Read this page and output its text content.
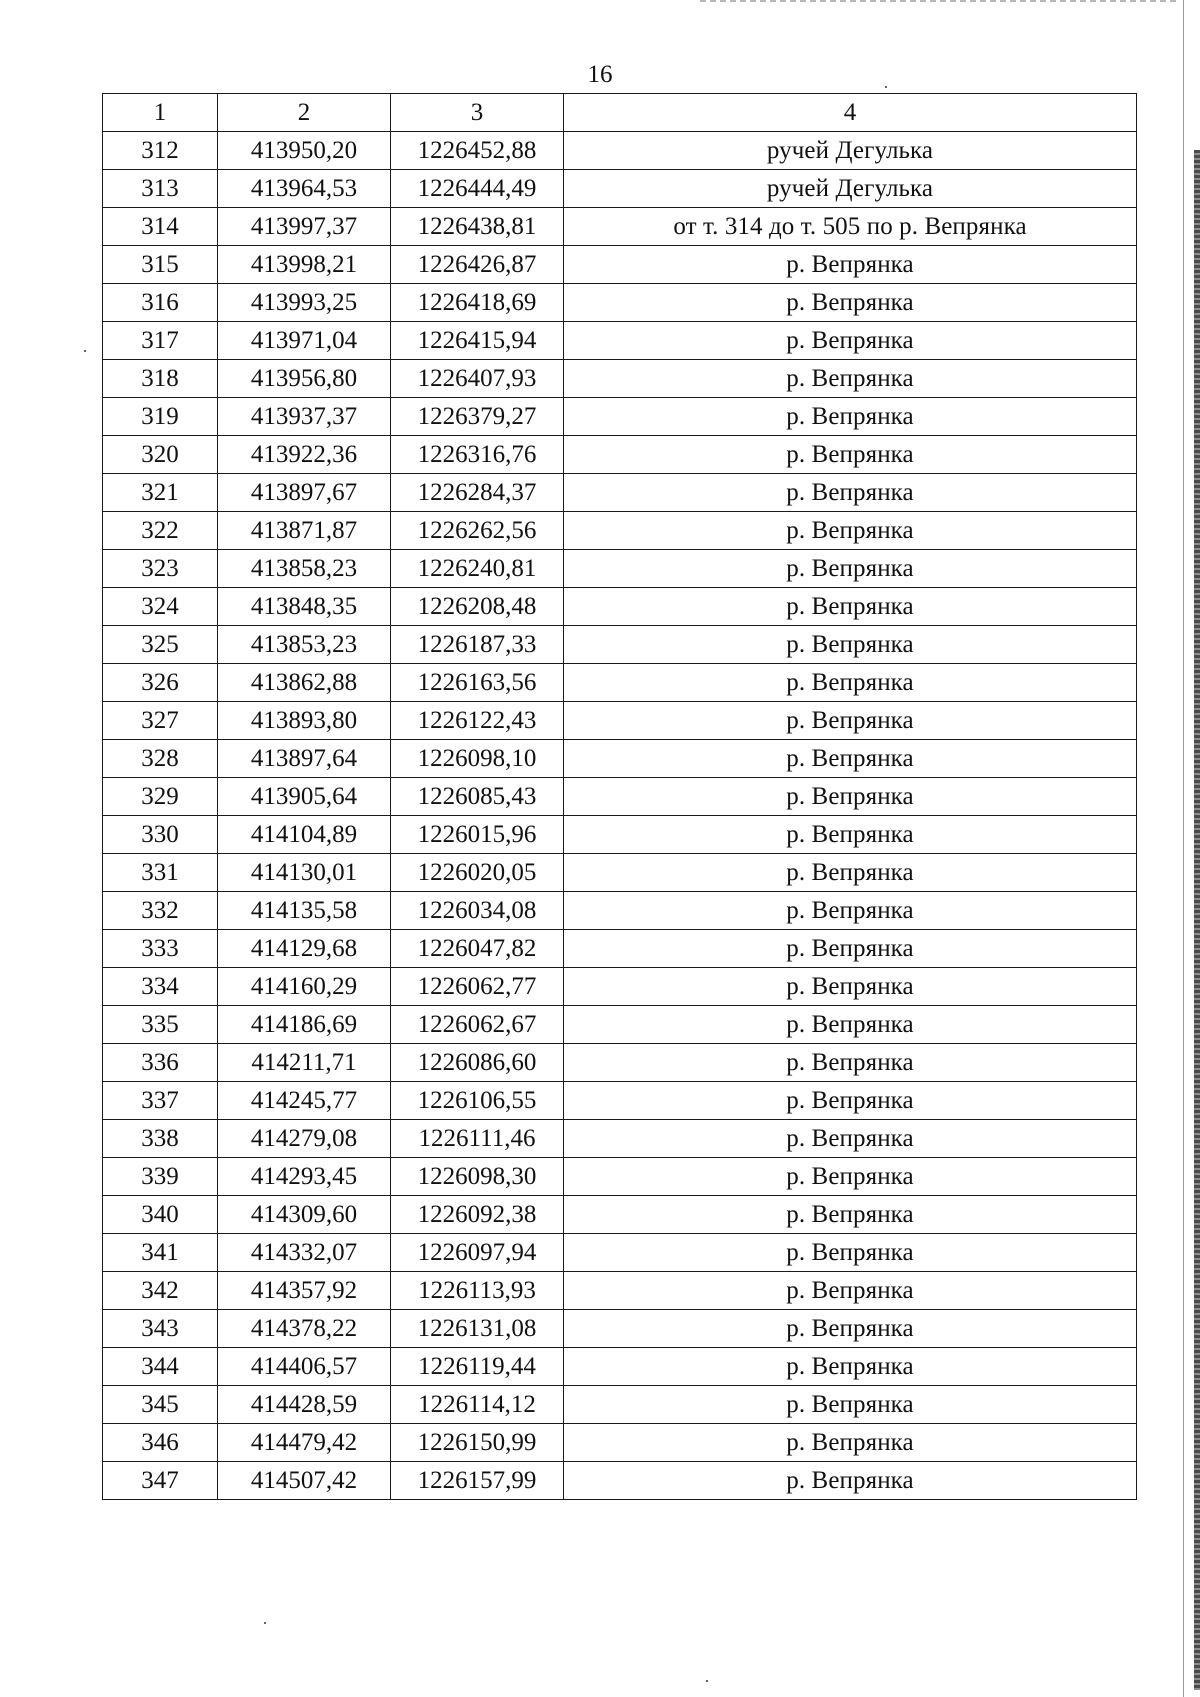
16
1	2	3	4
312	413950,20	1226452,88	ручей Дегулька
313	413964,53	1226444,49	ручей Дегулька
314	413997,37	1226438,81	от т. 314 до т. 505 по р. Вепрянка
315	413998,21	1226426,87	р. Вепрянка
316	413993,25	1226418,69	р. Вепрянка
317	413971,04	1226415,94	р. Вепрянка
318	413956,80	1226407,93	р. Вепрянка
319	413937,37	1226379,27	р. Вепрянка
320	413922,36	1226316,76	р. Вепрянка
321	413897,67	1226284,37	р. Вепрянка
322	413871,87	1226262,56	р. Вепрянка
323	413858,23	1226240,81	р. Вепрянка
324	413848,35	1226208,48	р. Вепрянка
325	413853,23	1226187,33	р. Вепрянка
326	413862,88	1226163,56	р. Вепрянка
327	413893,80	1226122,43	р. Вепрянка
328	413897,64	1226098,10	р. Вепрянка
329	413905,64	1226085,43	р. Вепрянка
330	414104,89	1226015,96	р. Вепрянка
331	414130,01	1226020,05	р. Вепрянка
332	414135,58	1226034,08	р. Вепрянка
333	414129,68	1226047,82	р. Вепрянка
334	414160,29	1226062,77	р. Вепрянка
335	414186,69	1226062,67	р. Вепрянка
336	414211,71	1226086,60	р. Вепрянка
337	414245,77	1226106,55	р. Вепрянка
338	414279,08	1226111,46	р. Вепрянка
339	414293,45	1226098,30	р. Вепрянка
340	414309,60	1226092,38	р. Вепрянка
341	414332,07	1226097,94	р. Вепрянка
342	414357,92	1226113,93	р. Вепрянка
343	414378,22	1226131,08	р. Вепрянка
344	414406,57	1226119,44	р. Вепрянка
345	414428,59	1226114,12	р. Вепрянка
346	414479,42	1226150,99	р. Вепрянка
347	414507,42	1226157,99	р. Вепрянка
